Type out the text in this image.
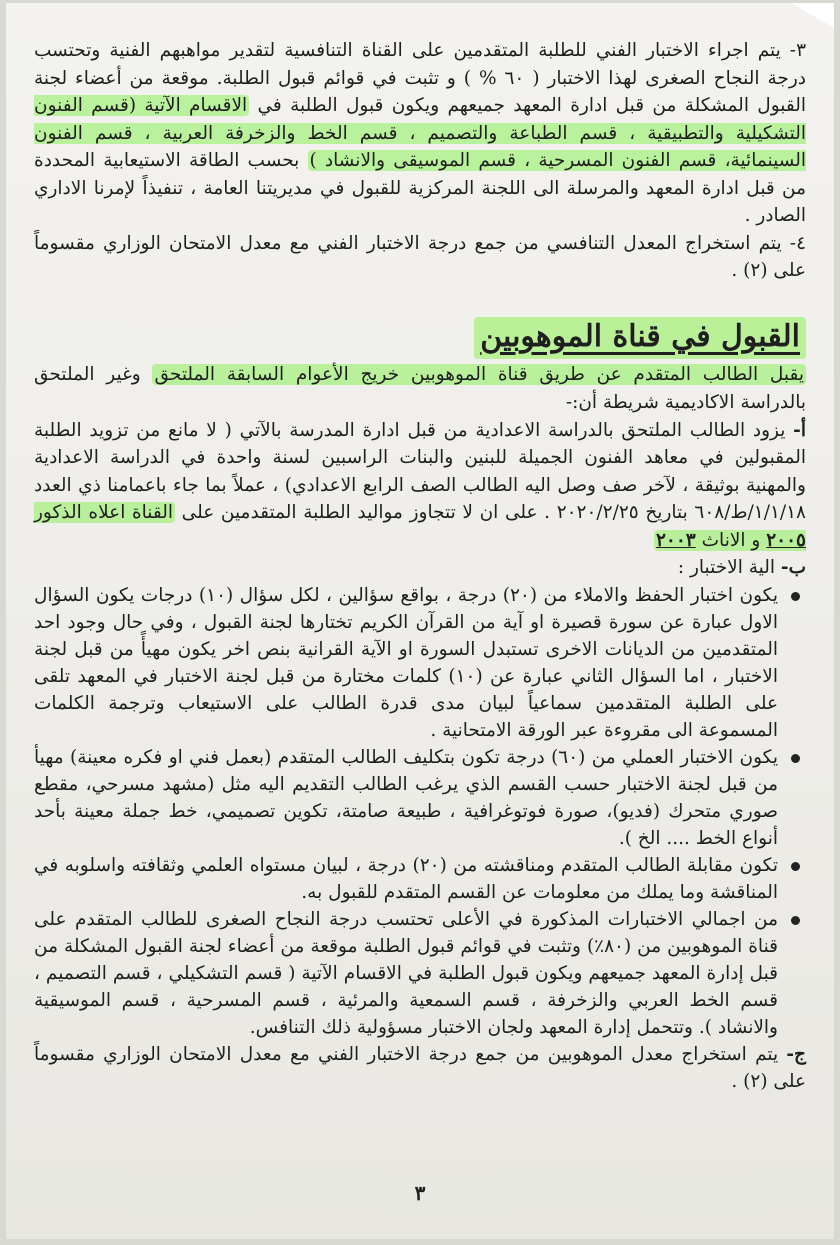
٣- يتم اجراء الاختبار الفني للطلبة المتقدمين على القناة التنافسية لتقدير مواهبهم الفنية وتحتسب درجة النجاح الصغرى لهذا الاختبار ( ٦٠ % ) و تثبت في قوائم قبول الطلبة. موقعة من أعضاء لجنة القبول المشكلة من قبل ادارة المعهد جميعهم ويكون قبول الطلبة في الاقسام الآتية (قسم الفنون التشكيلية والتطبيقية ، قسم الطباعة والتصميم ، قسم الخط والزخرفة العربية ، قسم الفنون السينمائية، قسم الفنون المسرحية ، قسم الموسيقى والانشاد ) بحسب الطاقة الاستيعابية المحددة من قبل ادارة المعهد والمرسلة الى اللجنة المركزية للقبول في مديريتنا العامة ، تنفيذاً لإمرنا الاداري الصادر .

٤- يتم استخراج المعدل التنافسي من جمع درجة الاختبار الفني مع معدل الامتحان الوزاري مقسوماً على (٢) .

القبول في قناة الموهوبين

يقبل الطالب المتقدم عن طريق قناة الموهوبين خريج الأعوام السابقة الملتحق وغير الملتحق بالدراسة الاكاديمية شريطة أن:-

أ- يزود الطالب الملتحق بالدراسة الاعدادية من قبل ادارة المدرسة بالآتي ( لا مانع من تزويد الطلبة المقبولين في معاهد الفنون الجميلة للبنين والبنات الراسبين لسنة واحدة في الدراسة الاعدادية والمهنية بوثيقة ، لآخر صف وصل اليه الطالب الصف الرابع الاعدادي) ، عملاً بما جاء باعمامنا ذي العدد ١/١/١٨/ط/٦٠٨ بتاريخ ٢٠٢٠/٢/٢٥ . على ان لا تتجاوز مواليد الطلبة المتقدمين على القناة اعلاه الذكور ٢٠٠٥ و الاناث ٢٠٠٣

ب- الية الاختبار :

يكون اختبار الحفظ والاملاء من (٢٠) درجة ، بواقع سؤالين ، لكل سؤال (١٠) درجات يكون السؤال الاول عبارة عن سورة قصيرة او آية من القرآن الكريم تختارها لجنة القبول ، وفي حال وجود احد المتقدمين من الديانات الاخرى تستبدل السورة او الآية القرانية بنص اخر يكون مهيأً من قبل لجنة الاختبار ، اما السؤال الثاني عبارة عن (١٠) كلمات مختارة من قبل لجنة الاختبار في المعهد تلقى على الطلبة المتقدمين سماعياً لبيان مدى قدرة الطالب على الاستيعاب وترجمة الكلمات المسموعة الى مقروءة عبر الورقة الامتحانية .
يكون الاختبار العملي من (٦٠) درجة تكون بتكليف الطالب المتقدم (بعمل فني او فكره معينة) مهيأ من قبل لجنة الاختبار حسب القسم الذي يرغب الطالب التقديم اليه مثل (مشهد مسرحي، مقطع صوري متحرك (فديو)، صورة فوتوغرافية ، طبيعة صامتة، تكوين تصميمي، خط جملة معينة بأحد أنواع الخط .... الخ ).
تكون مقابلة الطالب المتقدم ومناقشته من (٢٠) درجة ، لبيان مستواه العلمي وثقافته واسلوبه في المناقشة وما يملك من معلومات عن القسم المتقدم للقبول به.
من اجمالي الاختبارات المذكورة في الأعلى تحتسب درجة النجاح الصغرى للطالب المتقدم على قناة الموهوبين من (٨٠٪) وتثبت في قوائم قبول الطلبة موقعة من أعضاء لجنة القبول المشكلة من قبل إدارة المعهد جميعهم ويكون قبول الطلبة في الاقسام الآتية ( قسم التشكيلي ، قسم التصميم ، قسم الخط العربي والزخرفة ، قسم السمعية والمرئية ، قسم المسرحية ، قسم الموسيقية والانشاد ). وتتحمل إدارة المعهد ولجان الاختبار مسؤولية ذلك التنافس.

ج- يتم استخراج معدل الموهوبين من جمع درجة الاختبار الفني مع معدل الامتحان الوزاري مقسوماً على (٢) .

٣
